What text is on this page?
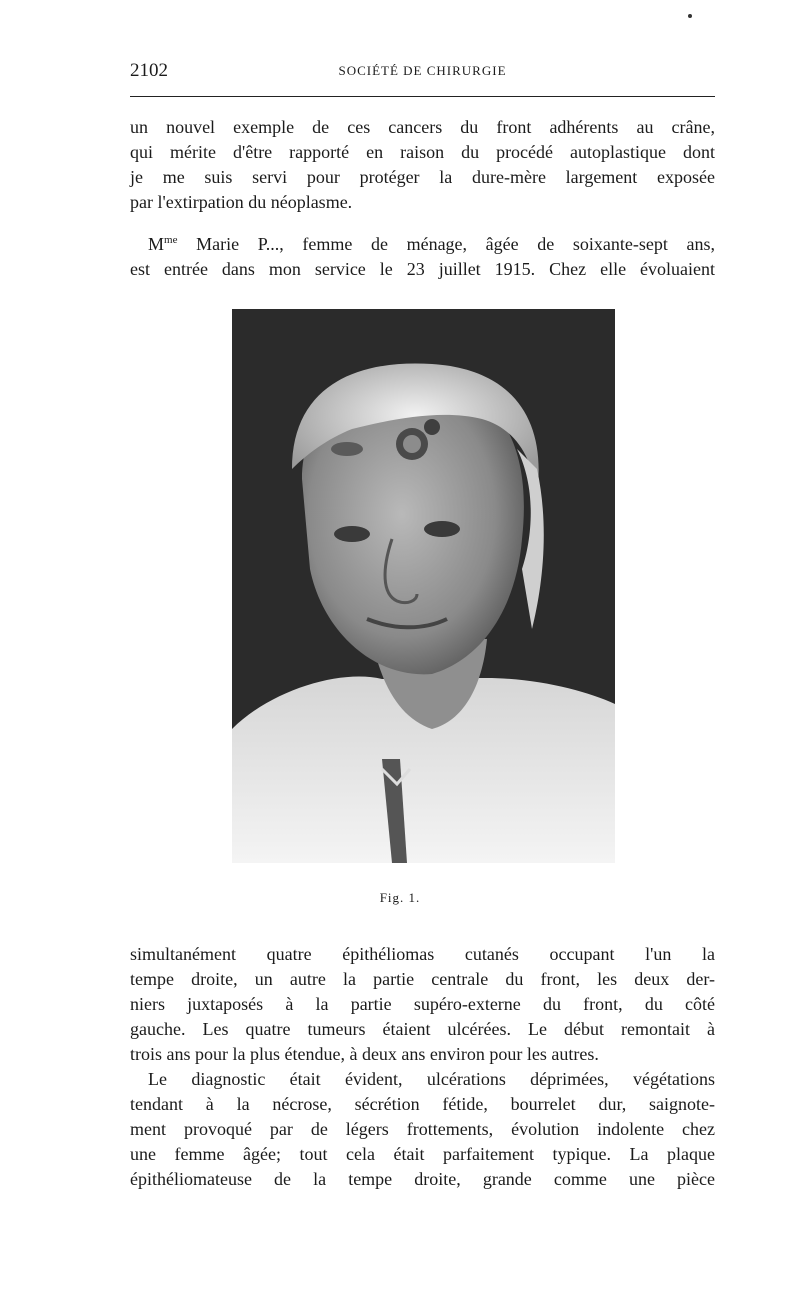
2102	SOCIÉTÉ DE CHIRURGIE
un nouvel exemple de ces cancers du front adhérents au crâne,
qui mérite d'être rapporté en raison du procédé autoplastique dont
je me suis servi pour protéger la dure-mère largement exposée
par l'extirpation du néoplasme.
$M^{me}$ Marie P..., femme de ménage, âgée de soixante-sept ans,
est entrée dans mon service le 23 juillet 1915. Chez elle évoluaient
Fig. 1.
simultanément quatre épithéliomas cutanés occupant l'un la
tempe droite, un autre la partie centrale du front, les deux der-
niers juxtaposés à la partie supéro-externe du front, du côté
gauche. Les quatre tumeurs étaient ulcérées. Le début remontait à
trois ans pour la plus étendue, à deux ans environ pour les autres.
Le diagnostic était évident, ulcérations déprimées, végétations
tendant à la nécrose, sécrétion fétide, bourrelet dur, saignote-
ment provoqué par de légers frottements, évolution indolente chez
une femme âgée; tout cela était parfaitement typique. La plaque
épithéliomateuse de la tempe droite, grande comme une pièce
